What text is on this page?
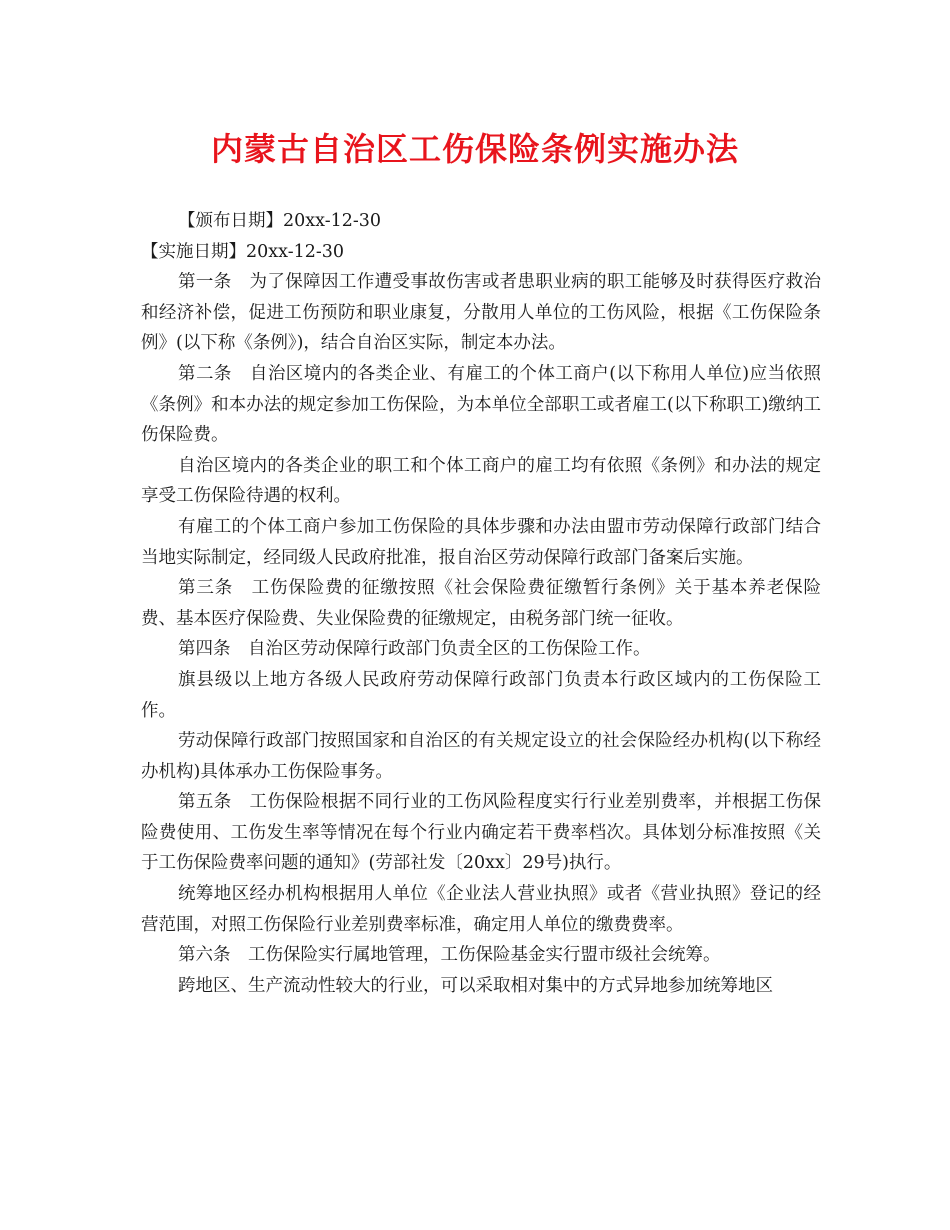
内蒙古自治区工伤保险条例实施办法

【颁布日期】20xx-12-30

【实施日期】20xx-12-30

第一条　为了保障因工作遭受事故伤害或者患职业病的职工能够及时获得医疗救治和经济补偿，促进工伤预防和职业康复，分散用人单位的工伤风险，根据《工伤保险条例》(以下称《条例》)，结合自治区实际，制定本办法。

第二条　自治区境内的各类企业、有雇工的个体工商户(以下称用人单位)应当依照《条例》和本办法的规定参加工伤保险，为本单位全部职工或者雇工(以下称职工)缴纳工伤保险费。

自治区境内的各类企业的职工和个体工商户的雇工均有依照《条例》和办法的规定享受工伤保险待遇的权利。

有雇工的个体工商户参加工伤保险的具体步骤和办法由盟市劳动保障行政部门结合当地实际制定，经同级人民政府批准，报自治区劳动保障行政部门备案后实施。

第三条　工伤保险费的征缴按照《社会保险费征缴暂行条例》关于基本养老保险费、基本医疗保险费、失业保险费的征缴规定，由税务部门统一征收。

第四条　自治区劳动保障行政部门负责全区的工伤保险工作。

旗县级以上地方各级人民政府劳动保障行政部门负责本行政区域内的工伤保险工作。

劳动保障行政部门按照国家和自治区的有关规定设立的社会保险经办机构(以下称经办机构)具体承办工伤保险事务。

第五条　工伤保险根据不同行业的工伤风险程度实行行业差别费率，并根据工伤保险费使用、工伤发生率等情况在每个行业内确定若干费率档次。具体划分标准按照《关于工伤保险费率问题的通知》(劳部社发〔20xx〕29号)执行。

统筹地区经办机构根据用人单位《企业法人营业执照》或者《营业执照》登记的经营范围，对照工伤保险行业差别费率标准，确定用人单位的缴费费率。

第六条　工伤保险实行属地管理，工伤保险基金实行盟市级社会统筹。

跨地区、生产流动性较大的行业，可以采取相对集中的方式异地参加统筹地区
